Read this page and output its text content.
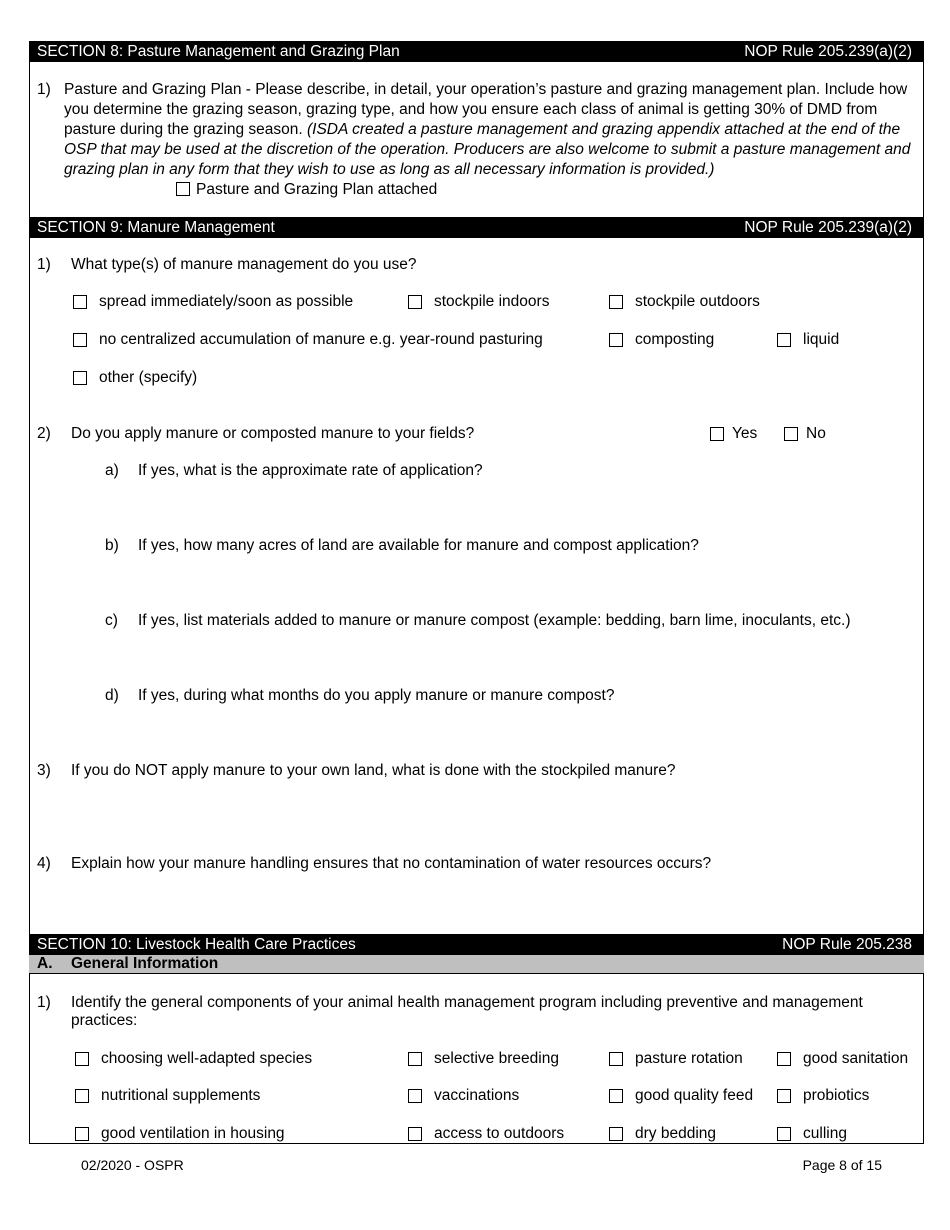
SECTION 8: Pasture Management and Grazing Plan	NOP Rule 205.239(a)(2)
1) Pasture and Grazing Plan - Please describe, in detail, your operation’s pasture and grazing management plan. Include how you determine the grazing season, grazing type, and how you ensure each class of animal is getting 30% of DMD from pasture during the grazing season. (ISDA created a pasture management and grazing appendix attached at the end of the OSP that may be used at the discretion of the operation. Producers are also welcome to submit a pasture management and grazing plan in any form that they wish to use as long as all necessary information is provided.) Pasture and Grazing Plan attached
SECTION 9: Manure Management	NOP Rule 205.239(a)(2)
1) What type(s) of manure management do you use?
spread immediately/soon as possible	stockpile indoors	stockpile outdoors
no centralized accumulation of manure e.g. year-round pasturing	composting	liquid
other (specify)
2) Do you apply manure or composted manure to your fields?	Yes	No
a) If yes, what is the approximate rate of application?
b) If yes, how many acres of land are available for manure and compost application?
c) If yes, list materials added to manure or manure compost (example: bedding, barn lime, inoculants, etc.)
d) If yes, during what months do you apply manure or manure compost?
3) If you do NOT apply manure to your own land, what is done with the stockpiled manure?
4) Explain how your manure handling ensures that no contamination of water resources occurs?
SECTION 10: Livestock Health Care Practices	NOP Rule 205.238
A. General Information
1) Identify the general components of your animal health management program including preventive and management
practices:
choosing well-adapted species	selective breeding	pasture rotation	good sanitation
nutritional supplements	vaccinations	good quality feed	probiotics
good ventilation in housing	access to outdoors	dry bedding	culling
02/2020 - OSPR	Page 8 of 15
